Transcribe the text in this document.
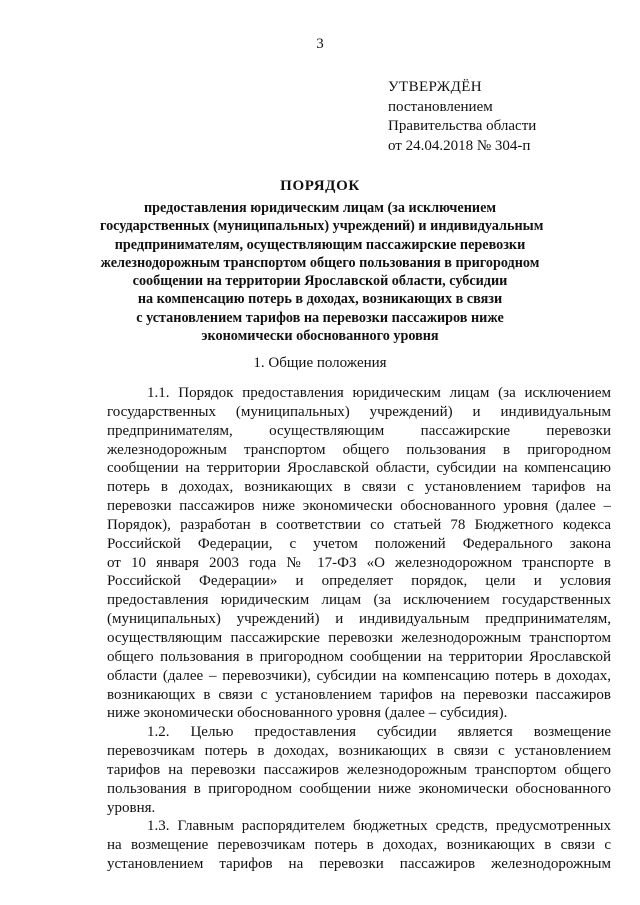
3
УТВЕРЖДЁН
постановлением
Правительства области
от 24.04.2018 № 304-п
ПОРЯДОК
предоставления юридическим лицам (за исключением
государственных (муниципальных) учреждений) и индивидуальным
предпринимателям, осуществляющим пассажирские перевозки
железнодорожным транспортом общего пользования в пригородном
сообщении на территории Ярославской области, субсидии
на компенсацию потерь в доходах, возникающих в связи
с установлением тарифов на перевозки пассажиров ниже
экономически обоснованного уровня
1. Общие положения
1.1. Порядок предоставления юридическим лицам (за исключением
государственных (муниципальных) учреждений) и индивидуальным
предпринимателям, осуществляющим пассажирские перевозки
железнодорожным транспортом общего пользования в пригородном
сообщении на территории Ярославской области, субсидии на компенсацию
потерь в доходах, возникающих в связи с установлением тарифов на
перевозки пассажиров ниже экономически обоснованного уровня (далее –
Порядок), разработан в соответствии со статьей 78 Бюджетного кодекса
Российской Федерации, с учетом положений Федерального закона
от 10 января 2003 года № 17-ФЗ «О железнодорожном транспорте в
Российской Федерации» и определяет порядок, цели и условия
предоставления юридическим лицам (за исключением государственных
(муниципальных) учреждений) и индивидуальным предпринимателям,
осуществляющим пассажирские перевозки железнодорожным транспортом
общего пользования в пригородном сообщении на территории Ярославской
области (далее – перевозчики), субсидии на компенсацию потерь в доходах,
возникающих в связи с установлением тарифов на перевозки пассажиров
ниже экономически обоснованного уровня (далее – субсидия).
1.2. Целью предоставления субсидии является возмещение
перевозчикам потерь в доходах, возникающих в связи с установлением
тарифов на перевозки пассажиров железнодорожным транспортом общего
пользования в пригородном сообщении ниже экономически обоснованного
уровня.
1.3. Главным распорядителем бюджетных средств, предусмотренных
на возмещение перевозчикам потерь в доходах, возникающих в связи с
установлением тарифов на перевозки пассажиров железнодорожным
